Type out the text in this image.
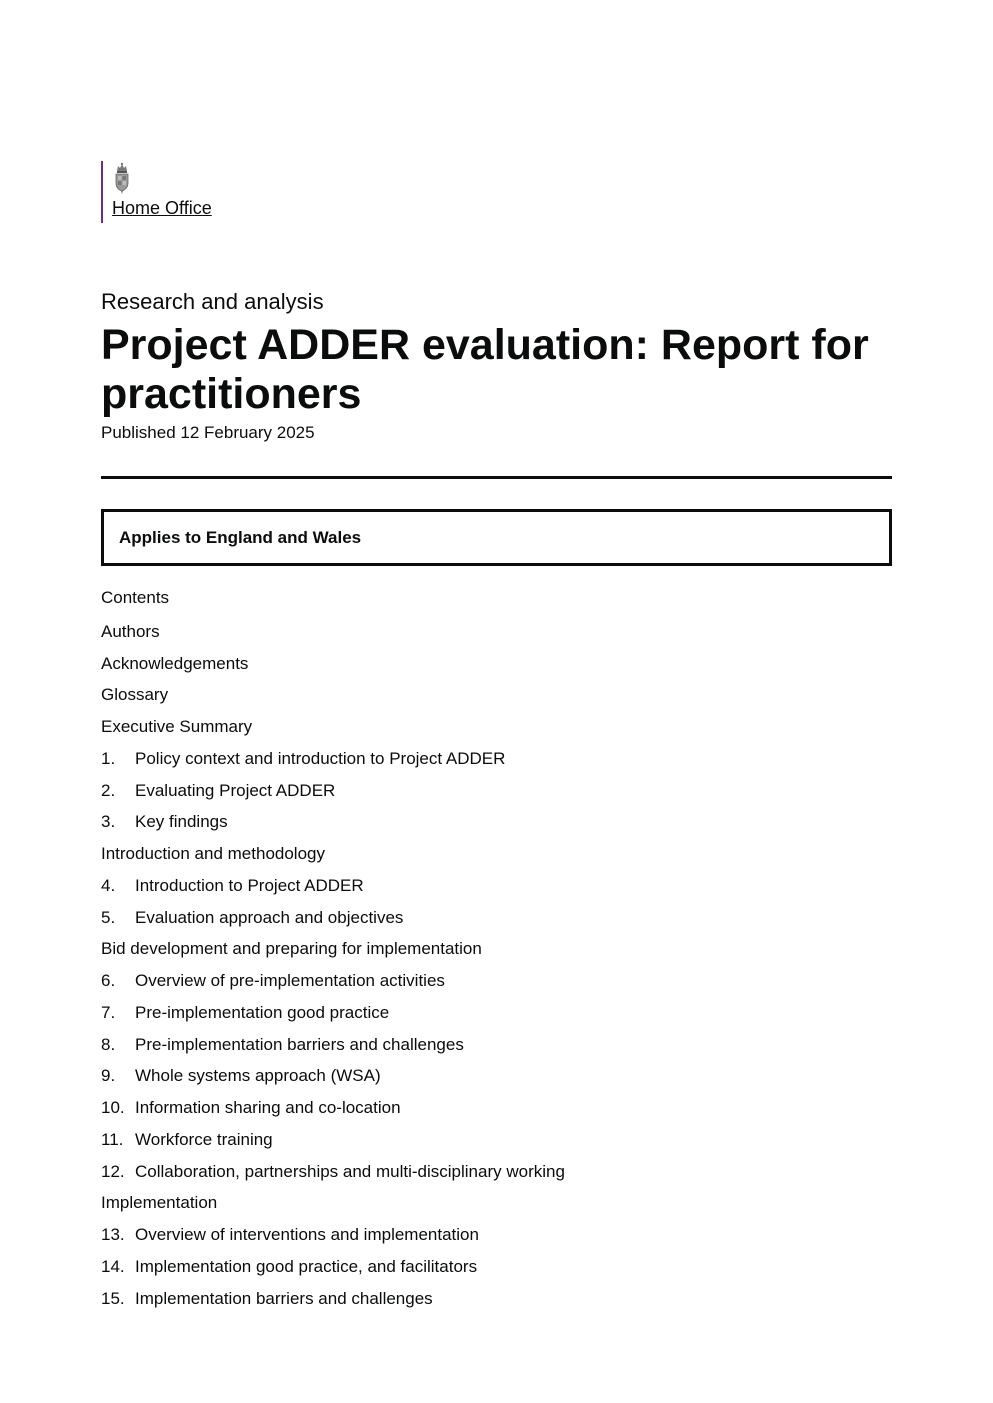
Home Office
Research and analysis
Project ADDER evaluation: Report for practitioners
Published 12 February 2025
Applies to England and Wales
Contents
Authors
Acknowledgements
Glossary
Executive Summary
1. Policy context and introduction to Project ADDER
2. Evaluating Project ADDER
3. Key findings
Introduction and methodology
4. Introduction to Project ADDER
5. Evaluation approach and objectives
Bid development and preparing for implementation
6. Overview of pre-implementation activities
7. Pre-implementation good practice
8. Pre-implementation barriers and challenges
9. Whole systems approach (WSA)
10. Information sharing and co-location
11. Workforce training
12. Collaboration, partnerships and multi-disciplinary working
Implementation
13. Overview of interventions and implementation
14. Implementation good practice, and facilitators
15. Implementation barriers and challenges
